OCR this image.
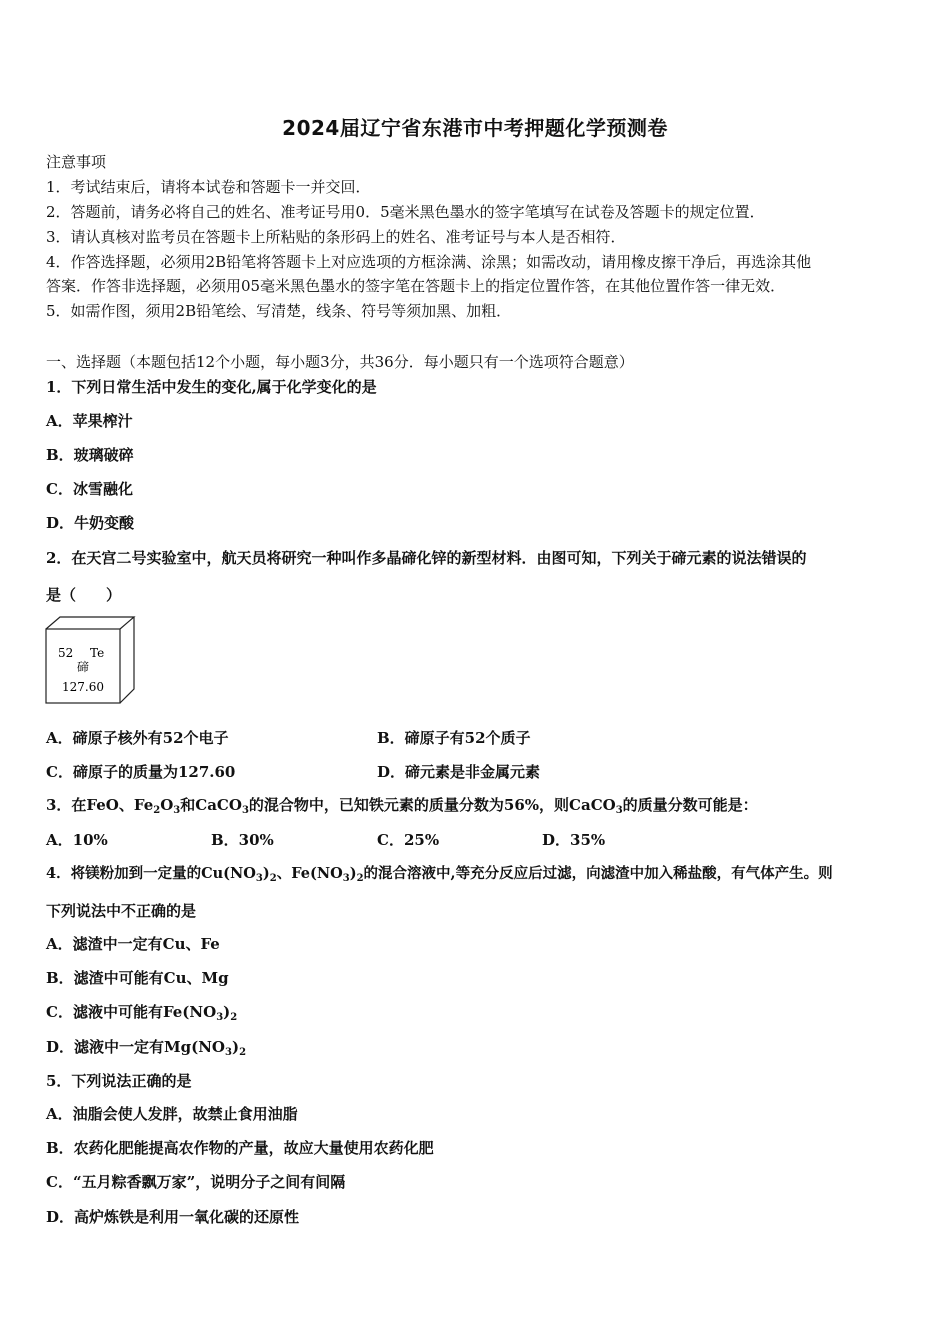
2024届辽宁省东港市中考押题化学预测卷
注意事项
1．考试结束后，请将本试卷和答题卡一并交回．
2．答题前，请务必将自己的姓名、准考证号用0．5毫米黑色墨水的签字笔填写在试卷及答题卡的规定位置．
3．请认真核对监考员在答题卡上所粘贴的条形码上的姓名、准考证号与本人是否相符．
4．作答选择题，必须用2B铅笔将答题卡上对应选项的方框涂满、涂黑；如需改动，请用橡皮擦干净后，再选涂其他
答案．作答非选择题，必须用05毫米黑色墨水的签字笔在答题卡上的指定位置作答，在其他位置作答一律无效．
5．如需作图，须用2B铅笔绘、写清楚，线条、符号等须加黑、加粗．
一、选择题（本题包括12个小题，每小题3分，共36分．每小题只有一个选项符合题意）
1．下列日常生活中发生的变化,属于化学变化的是
A．苹果榨汁
B．玻璃破碎
C．冰雪融化
D．牛奶变酸
2．在天宫二号实验室中，航天员将研究一种叫作多晶碲化锌的新型材料．由图可知，下列关于碲元素的说法错误的
是（　　）
52 Te
碲
127.60
A．碲原子核外有52个电子	B．碲原子有52个质子
C．碲原子的质量为127.60	D．碲元素是非金属元素
3．在FeO、$Fe_2O_3$和CaCO$_3$的混合物中，已知铁元素的质量分数为56%，则CaCO$_3$的质量分数可能是：
A．10%	B．30%	C．25%	D．35%
4．将镁粉加到一定量的$Cu(NO_3)_2$、$Fe(NO_3)_2$的混合溶液中,等充分反应后过滤，向滤渣中加入稀盐酸，有气体产生。则
下列说法中不正确的是
A．滤渣中一定有Cu、Fe
B．滤渣中可能有Cu、Mg
C．滤液中可能有$Fe(NO_3)_2$
D．滤液中一定有$Mg(NO_3)_2$
5．下列说法正确的是
A．油脂会使人发胖，故禁止食用油脂
B．农药化肥能提高农作物的产量，故应大量使用农药化肥
C．“五月粽香飘万家”，说明分子之间有间隔
D．高炉炼铁是利用一氧化碳的还原性
